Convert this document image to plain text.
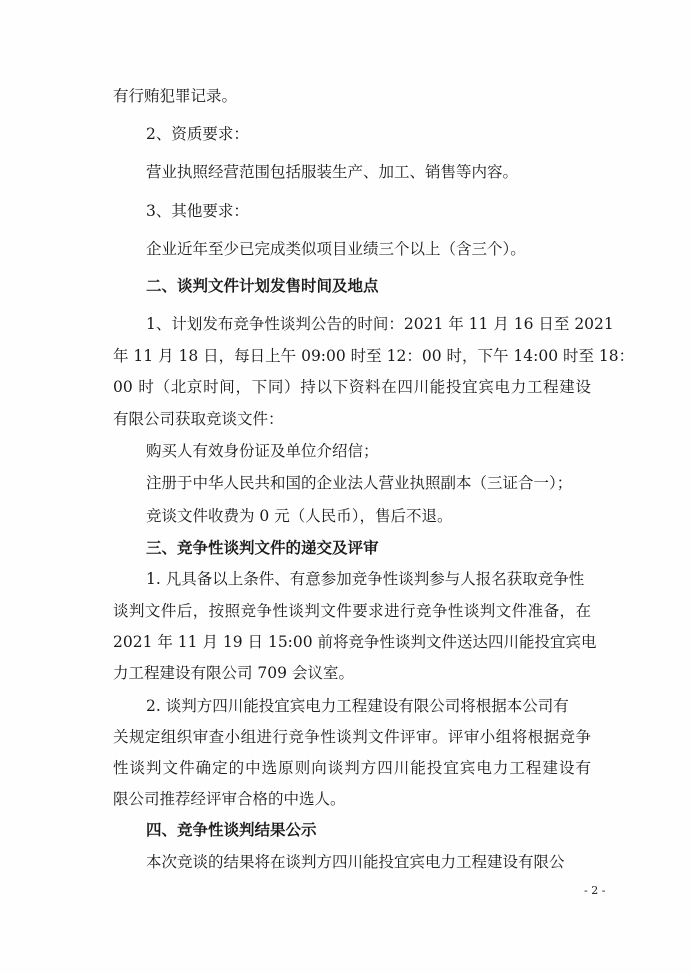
有行贿犯罪记录。
2、资质要求：
营业执照经营范围包括服装生产、加工、销售等内容。
3、其他要求：
企业近年至少已完成类似项目业绩三个以上（含三个）。
二、谈判文件计划发售时间及地点
1、计划发布竞争性谈判公告的时间：2021 年 11 月 16 日至 2021
年 11 月 18 日，每日上午 09:00 时至 12：00 时，下午 14:00 时至 18：
00 时（北京时间，下同）持以下资料在四川能投宜宾电力工程建设
有限公司获取竞谈文件：
购买人有效身份证及单位介绍信；
注册于中华人民共和国的企业法人营业执照副本（三证合一）；
竞谈文件收费为 0 元（人民币），售后不退。
三、竞争性谈判文件的递交及评审
1. 凡具备以上条件、有意参加竞争性谈判参与人报名获取竞争性
谈判文件后，按照竞争性谈判文件要求进行竞争性谈判文件准备，在
2021 年 11 月 19 日 15:00 前将竞争性谈判文件送达四川能投宜宾电
力工程建设有限公司 709 会议室。
2. 谈判方四川能投宜宾电力工程建设有限公司将根据本公司有
关规定组织审查小组进行竞争性谈判文件评审。评审小组将根据竞争
性谈判文件确定的中选原则向谈判方四川能投宜宾电力工程建设有
限公司推荐经评审合格的中选人。
四、竞争性谈判结果公示
本次竞谈的结果将在谈判方四川能投宜宾电力工程建设有限公
- 2 -
